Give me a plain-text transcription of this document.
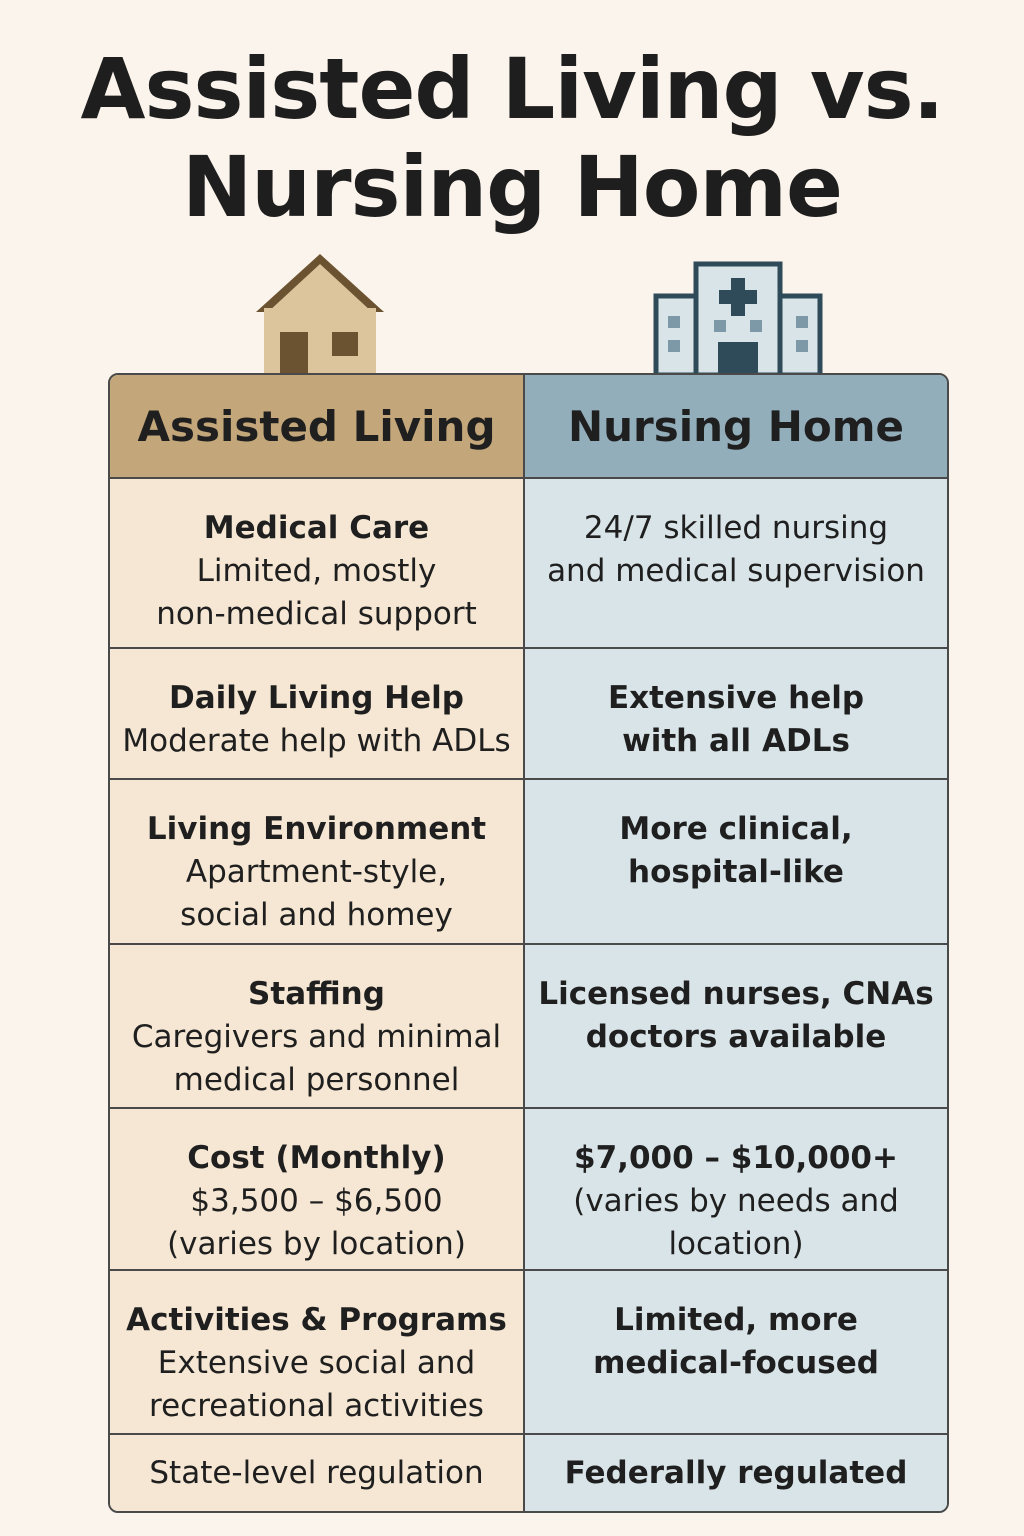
Assisted Living vs.
Nursing Home
Assisted Living	Nursing Home
Medical Care
Limited, mostly
non-medical support
24/7 skilled nursing
and medical supervision
Daily Living Help
Moderate help with ADLs
Extensive help
with all ADLs
Living Environment
Apartment-style,
social and homey
More clinical,
hospital-like
Staffing
Caregivers and minimal
medical personnel
Licensed nurses, CNAs
doctors available
Cost (Monthly)
$3,500 – $6,500
(varies by location)
$7,000 – $10,000+
(varies by needs and
location)
Activities & Programs
Extensive social and
recreational activities
Limited, more
medical-focused
State-level regulation	Federally regulated
